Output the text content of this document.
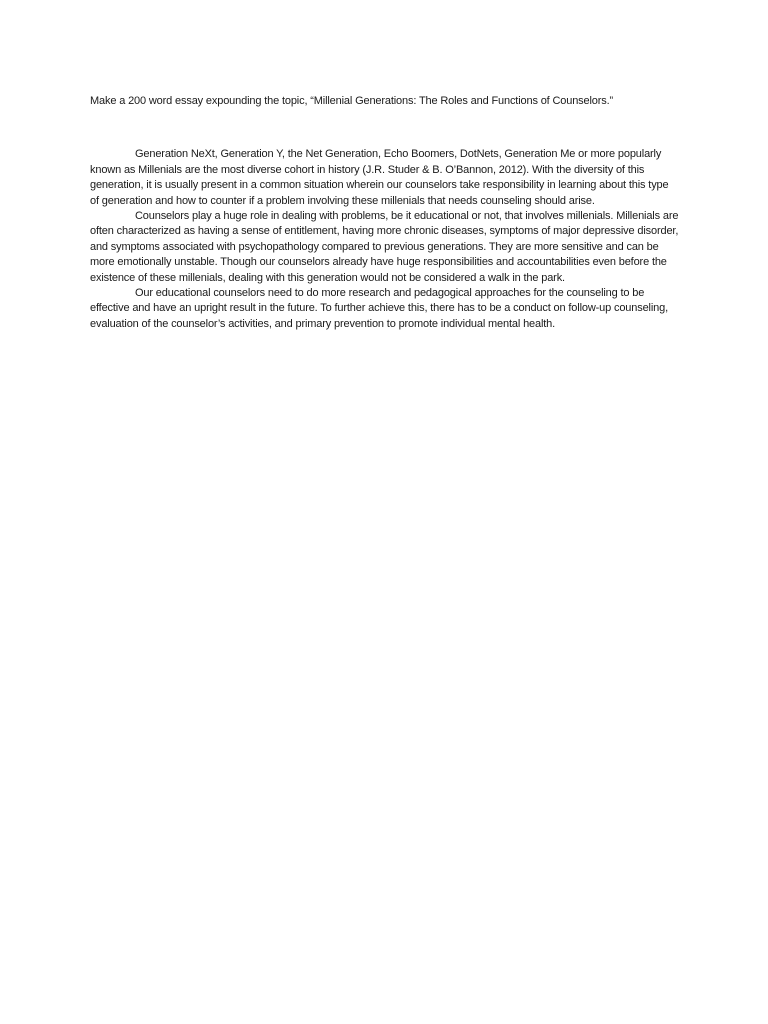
Make a 200 word essay expounding the topic, “Millenial Generations: The Roles and Functions of Counselors.”

Generation NeXt, Generation Y, the Net Generation, Echo Boomers, DotNets, Generation Me or more popularly known as Millenials are the most diverse cohort in history (J.R. Studer & B. O’Bannon, 2012). With the diversity of this generation, it is usually present in a common situation wherein our counselors take responsibility in learning about this type of generation and how to counter if a problem involving these millenials that needs counseling should arise.

Counselors play a huge role in dealing with problems, be it educational or not, that involves millenials. Millenials are often characterized as having a sense of entitlement, having more chronic diseases, symptoms of major depressive disorder, and symptoms associated with psychopathology compared to previous generations. They are more sensitive and can be more emotionally unstable. Though our counselors already have huge responsibilities and accountabilities even before the existence of these millenials, dealing with this generation would not be considered a walk in the park.

Our educational counselors need to do more research and pedagogical approaches for the counseling to be effective and have an upright result in the future. To further achieve this, there has to be a conduct on follow-up counseling, evaluation of the counselor’s activities, and primary prevention to promote individual mental health.
